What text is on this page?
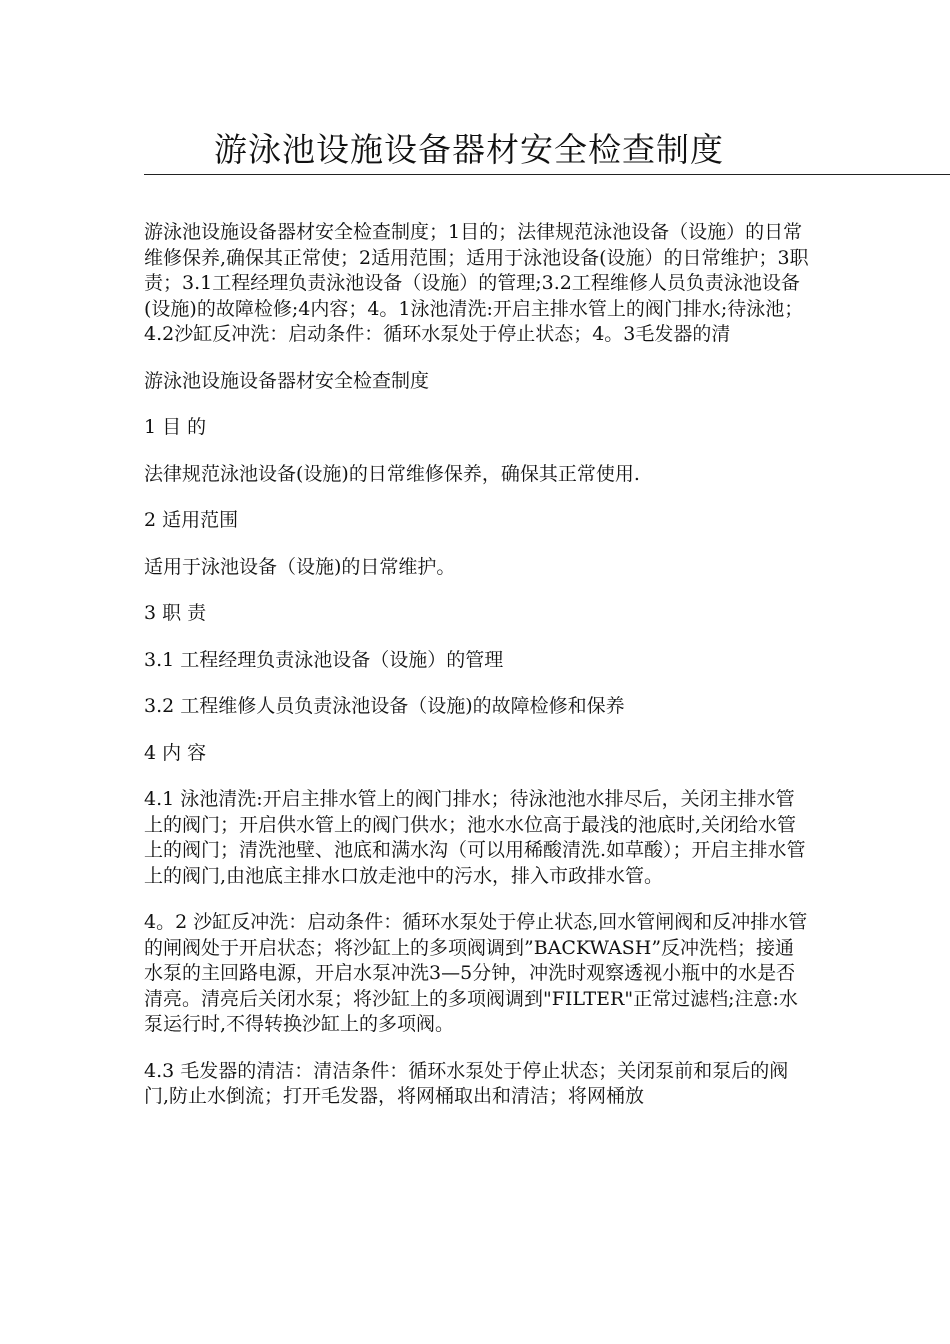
游泳池设施设备器材安全检查制度

游泳池设施设备器材安全检查制度；1目的；法律规范泳池设备（设施）的日常维修保养,确保其正常使；2适用范围；适用于泳池设备(设施）的日常维护；3职责；3.1工程经理负责泳池设备（设施）的管理;3.2工程维修人员负责泳池设备(设施)的故障检修;4内容；4。1泳池清洗:开启主排水管上的阀门排水;待泳池；4.2沙缸反冲洗：启动条件：循环水泵处于停止状态；4。3毛发器的清

游泳池设施设备器材安全检查制度

1 目 的

法律规范泳池设备(设施)的日常维修保养，确保其正常使用.

2 适用范围

适用于泳池设备（设施)的日常维护。

3 职 责

3.1 工程经理负责泳池设备（设施）的管理

3.2 工程维修人员负责泳池设备（设施)的故障检修和保养

4 内 容

4.1 泳池清洗:开启主排水管上的阀门排水；待泳池池水排尽后，关闭主排水管上的阀门；开启供水管上的阀门供水；池水水位高于最浅的池底时,关闭给水管上的阀门；清洗池壁、池底和满水沟（可以用稀酸清洗.如草酸）；开启主排水管上的阀门,由池底主排水口放走池中的污水，排入市政排水管。

4。2 沙缸反冲洗：启动条件：循环水泵处于停止状态,回水管闸阀和反冲排水管的闸阀处于开启状态；将沙缸上的多项阀调到”BACKWASH”反冲洗档；接通水泵的主回路电源，开启水泵冲洗3—5分钟，冲洗时观察透视小瓶中的水是否清亮。清亮后关闭水泵；将沙缸上的多项阀调到"FILTER"正常过滤档;注意:水泵运行时,不得转换沙缸上的多项阀。

4.3 毛发器的清洁：清洁条件：循环水泵处于停止状态；关闭泵前和泵后的阀门,防止水倒流；打开毛发器，将网桶取出和清洁；将网桶放
